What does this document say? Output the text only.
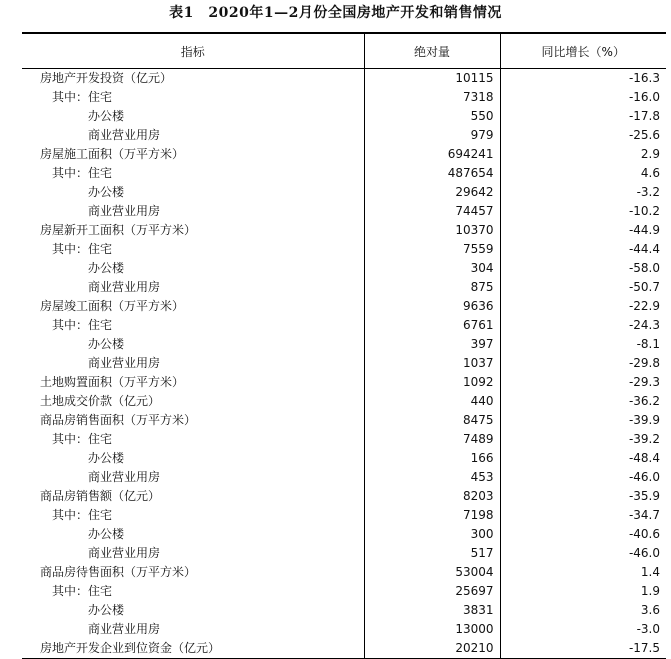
表1　2020年1—2月份全国房地产开发和销售情况
指标	绝对量	同比增长（%）
房地产开发投资（亿元）	10115	-16.3
其中：住宅	7318	-16.0
办公楼	550	-17.8
商业营业用房	979	-25.6
房屋施工面积（万平方米）	694241	2.9
其中：住宅	487654	4.6
办公楼	29642	-3.2
商业营业用房	74457	-10.2
房屋新开工面积（万平方米）	10370	-44.9
其中：住宅	7559	-44.4
办公楼	304	-58.0
商业营业用房	875	-50.7
房屋竣工面积（万平方米）	9636	-22.9
其中：住宅	6761	-24.3
办公楼	397	-8.1
商业营业用房	1037	-29.8
土地购置面积（万平方米）	1092	-29.3
土地成交价款（亿元）	440	-36.2
商品房销售面积（万平方米）	8475	-39.9
其中：住宅	7489	-39.2
办公楼	166	-48.4
商业营业用房	453	-46.0
商品房销售额（亿元）	8203	-35.9
其中：住宅	7198	-34.7
办公楼	300	-40.6
商业营业用房	517	-46.0
商品房待售面积（万平方米）	53004	1.4
其中：住宅	25697	1.9
办公楼	3831	3.6
商业营业用房	13000	-3.0
房地产开发企业到位资金（亿元）	20210	-17.5
